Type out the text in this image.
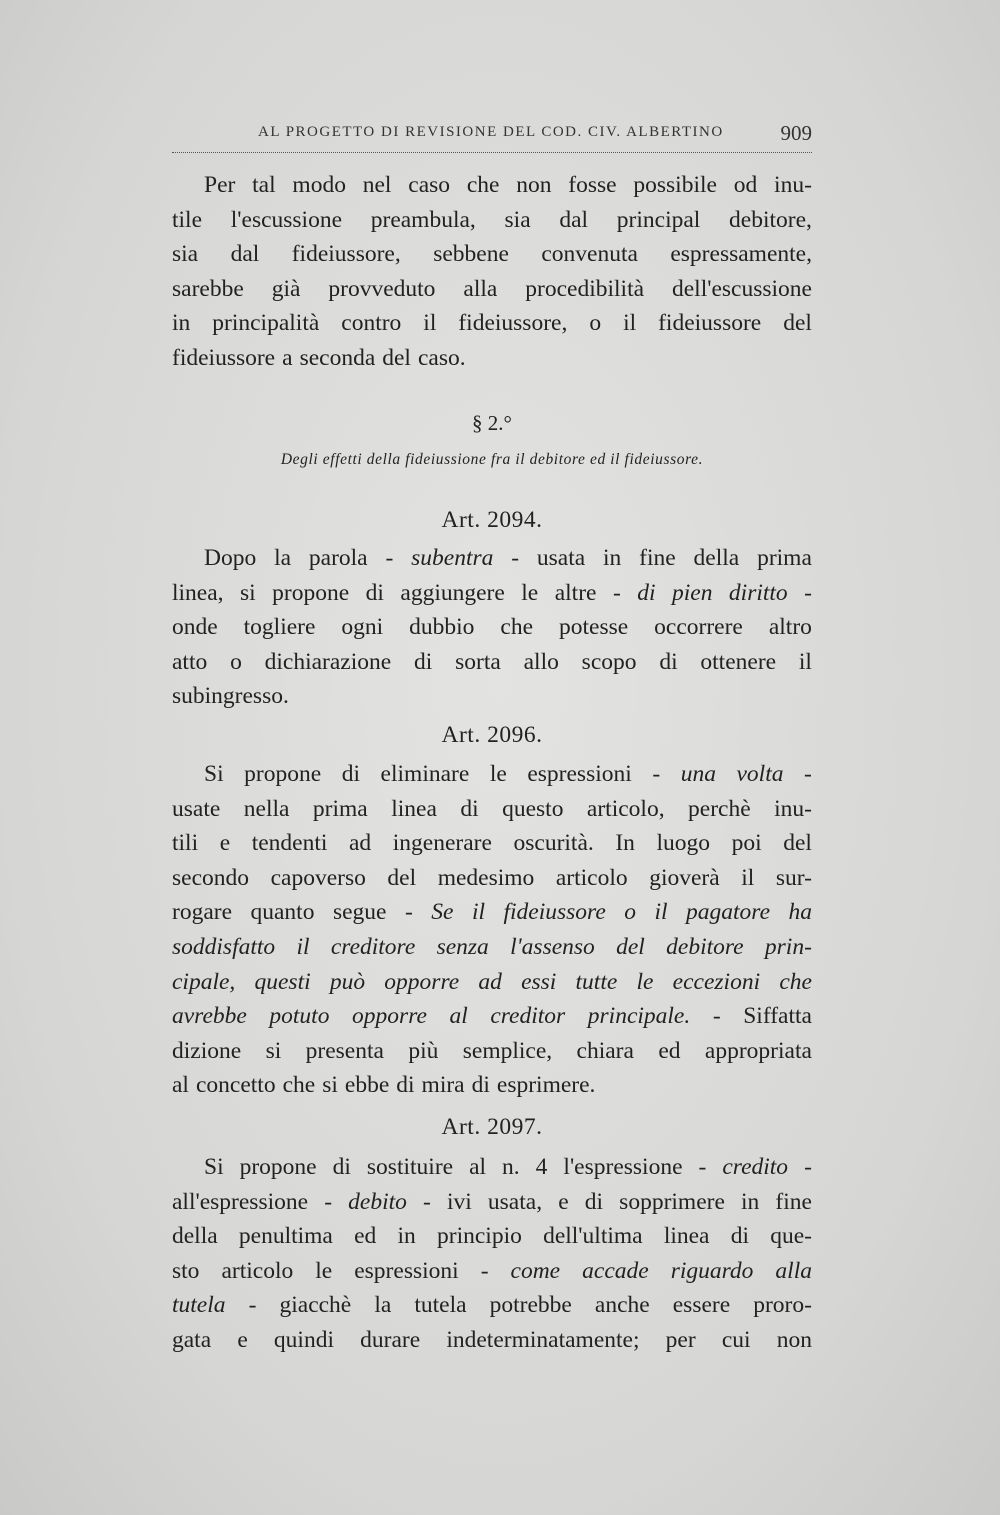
AL PROGETTO DI REVISIONE DEL COD. CIV. ALBERTINO	909
Per tal modo nel caso che non fosse possibile od inu-
tile l'escussione preambula, sia dal principal debitore,
sia dal fideiussore, sebbene convenuta espressamente,
sarebbe già provveduto alla procedibilità dell'escussione
in principalità contro il fideiussore, o il fideiussore del
fideiussore a seconda del caso.
§ 2.°
Degli effetti della fideiussione fra il debitore ed il fideiussore.
Art. 2094.
Dopo la parola - subentra - usata in fine della prima
linea, si propone di aggiungere le altre - di pien diritto -
onde togliere ogni dubbio che potesse occorrere altro
atto o dichiarazione di sorta allo scopo di ottenere il
subingresso.
Art. 2096.
Si propone di eliminare le espressioni - una volta -
usate nella prima linea di questo articolo, perchè inu-
tili e tendenti ad ingenerare oscurità. In luogo poi del
secondo capoverso del medesimo articolo gioverà il sur-
rogare quanto segue - Se il fideiussore o il pagatore ha
soddisfatto il creditore senza l'assenso del debitore prin-
cipale, questi può opporre ad essi tutte le eccezioni che
avrebbe potuto opporre al creditor principale. - Siffatta
dizione si presenta più semplice, chiara ed appropriata
al concetto che si ebbe di mira di esprimere.
Art. 2097.
Si propone di sostituire al n. 4 l'espressione - credito -
all'espressione - debito - ivi usata, e di sopprimere in fine
della penultima ed in principio dell'ultima linea di que-
sto articolo le espressioni - come accade riguardo alla
tutela - giacchè la tutela potrebbe anche essere proro-
gata e quindi durare indeterminatamente; per cui non
